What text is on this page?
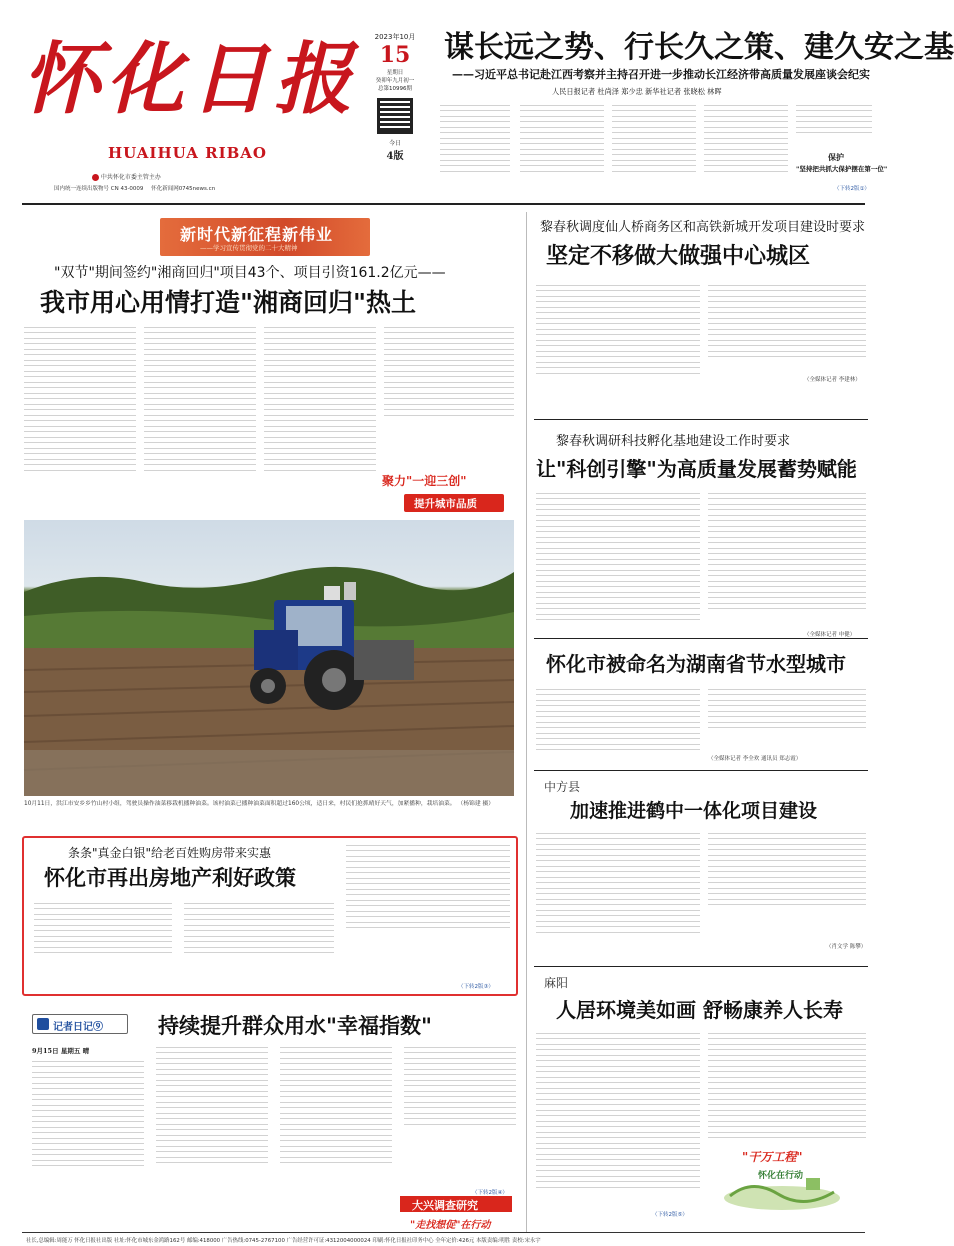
怀化日报
HUAIHUA RIBAO
中共怀化市委主管主办
国内统一连续出版物号 CN 43-0009 怀化新闻网0745news.cn
2023年10月
15
星期日
癸卯年九月初一
总第10996期
今日
4版
谋长远之势、行长久之策、建久安之基
——习近平总书记赴江西考察并主持召开进一步推动长江经济带高质量发展座谈会纪实
人民日报记者 杜尚泽 郑少忠 新华社记者 张晓松 林晖
保护
"坚持把共抓大保护摆在第一位"
（下转2版①）
新时代新征程新伟业
——学习宣传贯彻党的二十大精神
"双节"期间签约"湘商回归"项目43个、项目引资161.2亿元——
我市用心用情打造"湘商回归"热土
聚力"一迎三创"
提升城市品质
10月11日，洪江市安乡乡竹山村小组，驾驶员操作油菜移栽机播种油菜。该村油菜已播种油菜面积超过160公顷，适日来，村民们抢抓晴好天气，加紧播种，栽培油菜。 （杨锦建 摄）
条条"真金白银"给老百姓购房带来实惠
怀化市再出房地产利好政策
（下转2版③）
记者日记⑨	持续提升群众用水"幸福指数"
9月15日 星期五 晴
（下转2版④）
大兴调查研究
"走找想促"在行动
黎春秋调度仙人桥商务区和高铁新城开发项目建设时要求
坚定不移做大做强中心城区
（全媒体记者 李建林）
黎春秋调研科技孵化基地建设工作时要求
让"科创引擎"为高质量发展蓄势赋能
（全媒体记者 申健）
怀化市被命名为湖南省节水型城市
（全媒体记者 李全欢 通讯员 郑志霞）
中方县
加速推进鹤中一体化项目建设
（肖文学 陈攀）
麻阳
人居环境美如画 舒畅康养人长寿
（下转2版⑤）
"干万工程"
怀化在行动
社长,总编辑:周能万 怀化日报社出版 社址:怀化市城东金鸿路162号 邮编:418000 广告热线:0745-2767100 广告经营许可证:4312004000024 印刷:怀化日报社印务中心 全年定价:426元 本版责编:明胜 责校:宋永宇
